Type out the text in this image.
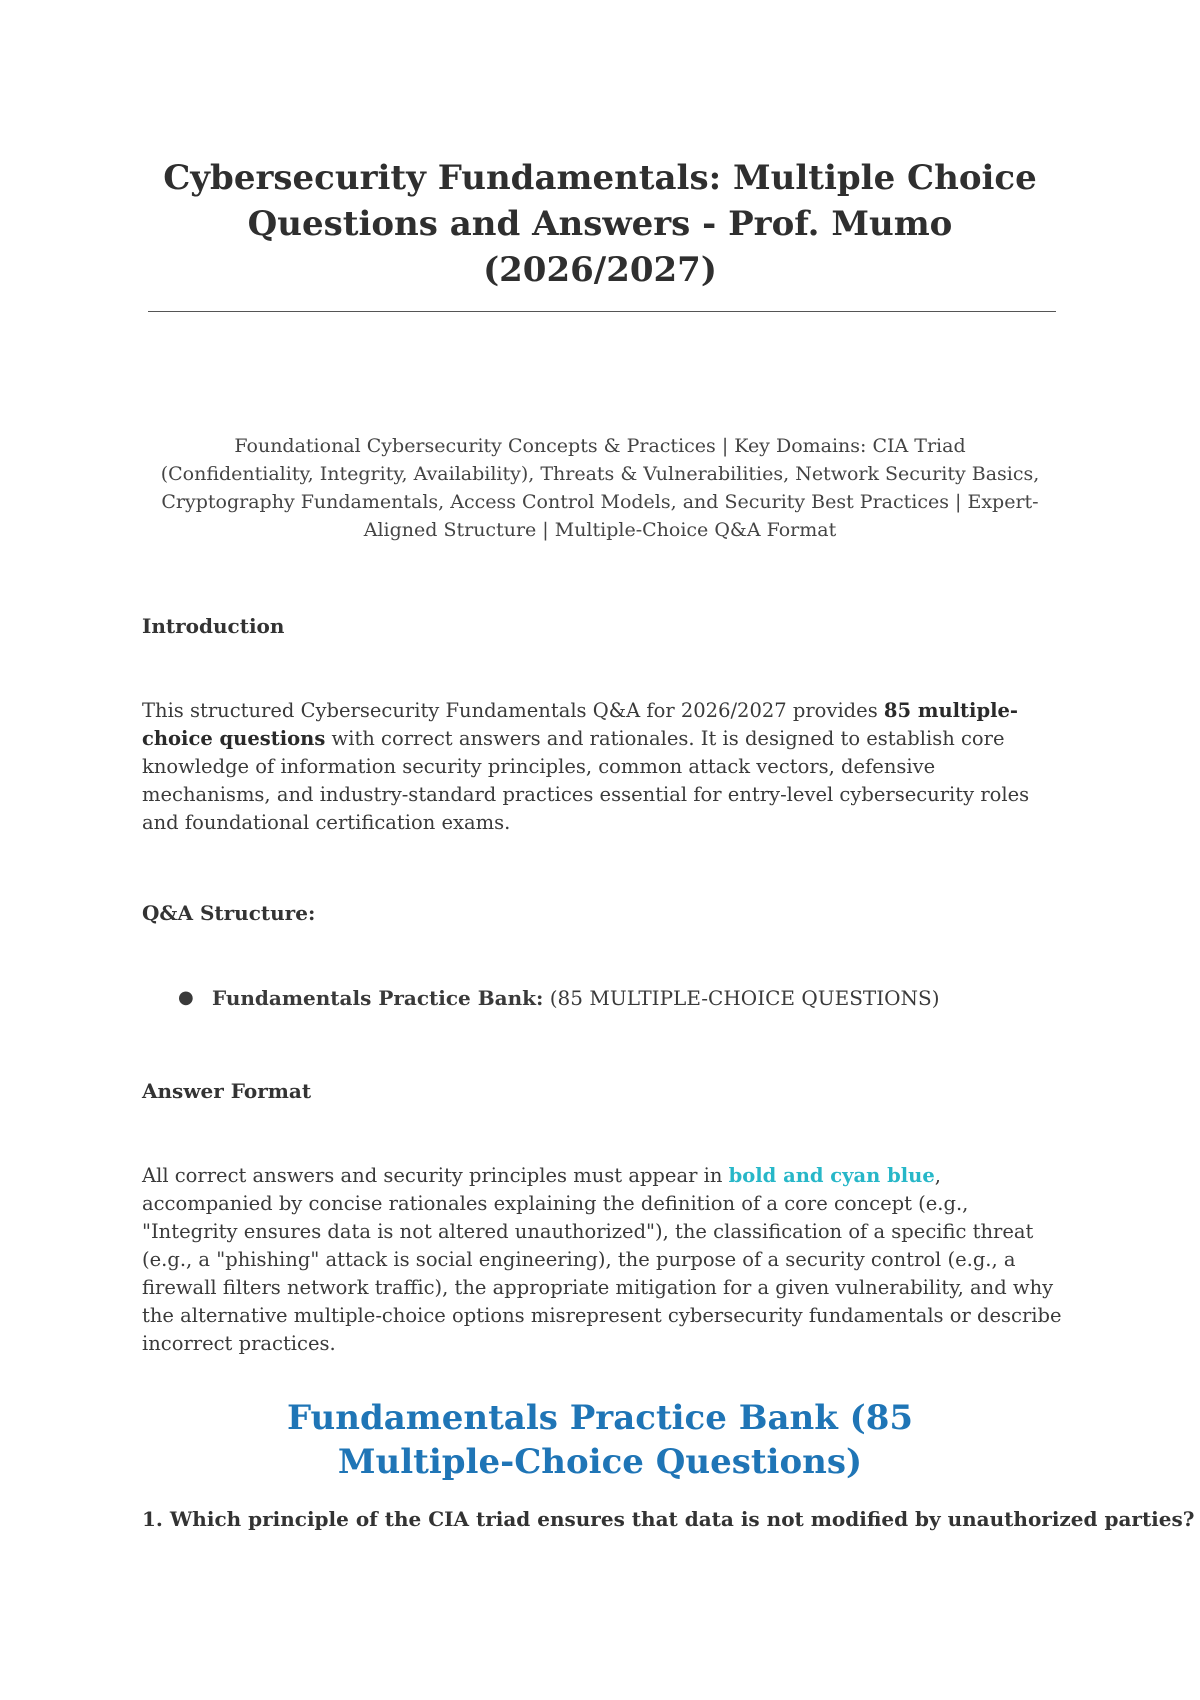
Cybersecurity Fundamentals: Multiple Choice Questions and Answers - Prof. Mumo (2026/2027)

Foundational Cybersecurity Concepts & Practices | Key Domains: CIA Triad (Confidentiality, Integrity, Availability), Threats & Vulnerabilities, Network Security Basics, Cryptography Fundamentals, Access Control Models, and Security Best Practices | Expert-Aligned Structure | Multiple-Choice Q&A Format

Introduction

This structured Cybersecurity Fundamentals Q&A for 2026/2027 provides 85 multiple-choice questions with correct answers and rationales. It is designed to establish core knowledge of information security principles, common attack vectors, defensive mechanisms, and industry-standard practices essential for entry-level cybersecurity roles and foundational certification exams.

Q&A Structure:
● Fundamentals Practice Bank: (85 MULTIPLE-CHOICE QUESTIONS)
Answer Format

All correct answers and security principles must appear in bold and cyan blue, accompanied by concise rationales explaining the definition of a core concept (e.g., "Integrity ensures data is not altered unauthorized"), the classification of a specific threat (e.g., a "phishing" attack is social engineering), the purpose of a security control (e.g., a firewall filters network traffic), the appropriate mitigation for a given vulnerability, and why the alternative multiple-choice options misrepresent cybersecurity fundamentals or describe incorrect practices.

Fundamentals Practice Bank (85 Multiple-Choice Questions)

1. Which principle of the CIA triad ensures that data is not modified by unauthorized parties?
